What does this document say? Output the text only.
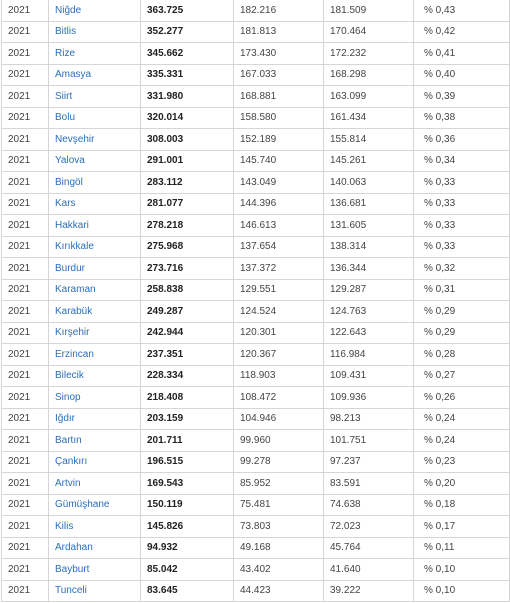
2021	Niğde	363.725	182.216	181.509	% 0,43
2021	Bitlis	352.277	181.813	170.464	% 0,42
2021	Rize	345.662	173.430	172.232	% 0,41
2021	Amasya	335.331	167.033	168.298	% 0,40
2021	Siirt	331.980	168.881	163.099	% 0,39
2021	Bolu	320.014	158.580	161.434	% 0,38
2021	Nevşehir	308.003	152.189	155.814	% 0,36
2021	Yalova	291.001	145.740	145.261	% 0,34
2021	Bingöl	283.112	143.049	140.063	% 0,33
2021	Kars	281.077	144.396	136.681	% 0,33
2021	Hakkari	278.218	146.613	131.605	% 0,33
2021	Kırıkkale	275.968	137.654	138.314	% 0,33
2021	Burdur	273.716	137.372	136.344	% 0,32
2021	Karaman	258.838	129.551	129.287	% 0,31
2021	Karabük	249.287	124.524	124.763	% 0,29
2021	Kırşehir	242.944	120.301	122.643	% 0,29
2021	Erzincan	237.351	120.367	116.984	% 0,28
2021	Bilecik	228.334	118.903	109.431	% 0,27
2021	Sinop	218.408	108.472	109.936	% 0,26
2021	Iğdır	203.159	104.946	98.213	% 0,24
2021	Bartın	201.711	99.960	101.751	% 0,24
2021	Çankırı	196.515	99.278	97.237	% 0,23
2021	Artvin	169.543	85.952	83.591	% 0,20
2021	Gümüşhane	150.119	75.481	74.638	% 0,18
2021	Kilis	145.826	73.803	72.023	% 0,17
2021	Ardahan	94.932	49.168	45.764	% 0,11
2021	Bayburt	85.042	43.402	41.640	% 0,10
2021	Tunceli	83.645	44.423	39.222	% 0,10
